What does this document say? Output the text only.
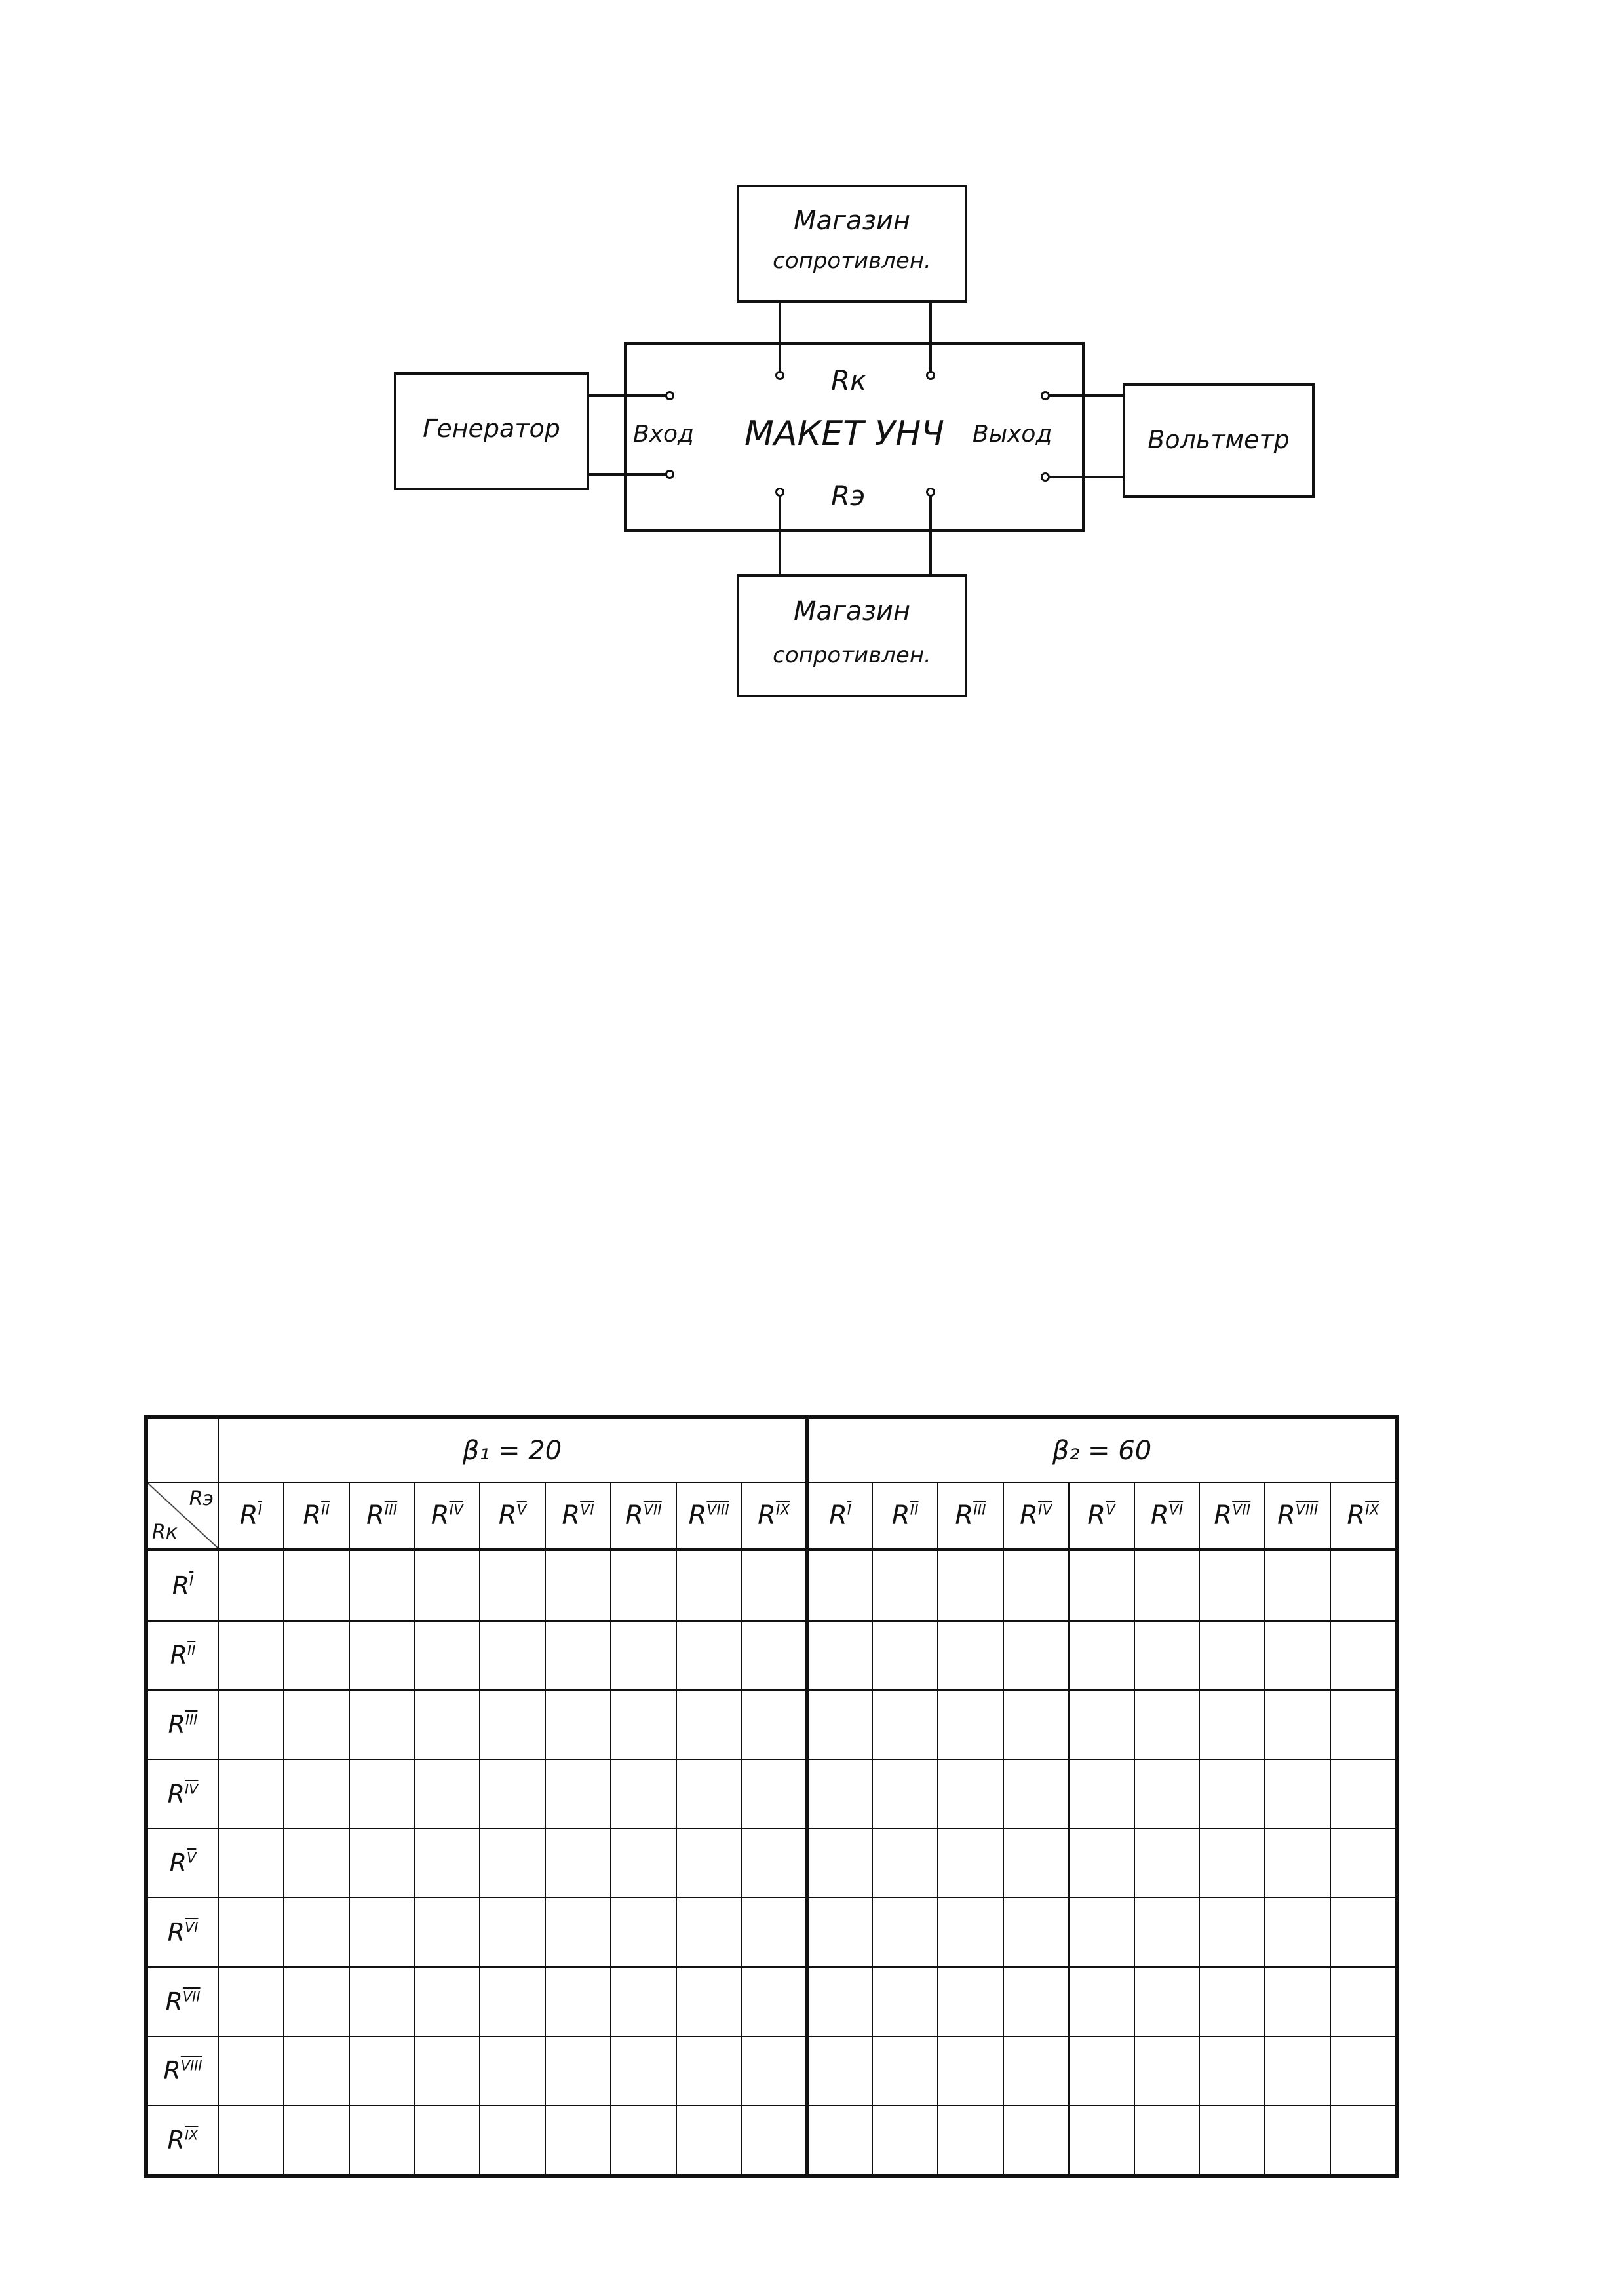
Магазин
сопротивлен.
Генератор	Вольтметр
Rк
МАКЕТ УНЧ
Вход	Выход
Rэ
Магазин
сопротивлен.
	β₁ = 20									β₂ = 60								

Rэ
Rк	$R^{\overline{I}}$	$R^{\overline{II}}$	$R^{\overline{III}}$	$R^{\overline{IV}}$	$R^{\overline{V}}$	$R^{\overline{VI}}$	$R^{\overline{VII}}$	$R^{VIII}$	$R^{\overline{IX}}$	$R^{\overline{I}}$	$R^{\overline{II}}$	$R^{\overline{III}}$	$R^{\overline{IV}}$	$R^{\overline{V}}$	$R^{\overline{VI}}$	$R^{\overline{VII}}$	$R^{VIII}$	$R^{\overline{IX}}$
$R^{\overline{I}}$																		
$R^{\overline{II}}$																		
$R^{\overline{III}}$																		
$R^{\overline{IV}}$																		
$R^{\overline{V}}$																		
$R^{\overline{VI}}$																		
$R^{\overline{VII}}$																		
$R^{VIII}$																		
$R^{\overline{IX}}$																		
